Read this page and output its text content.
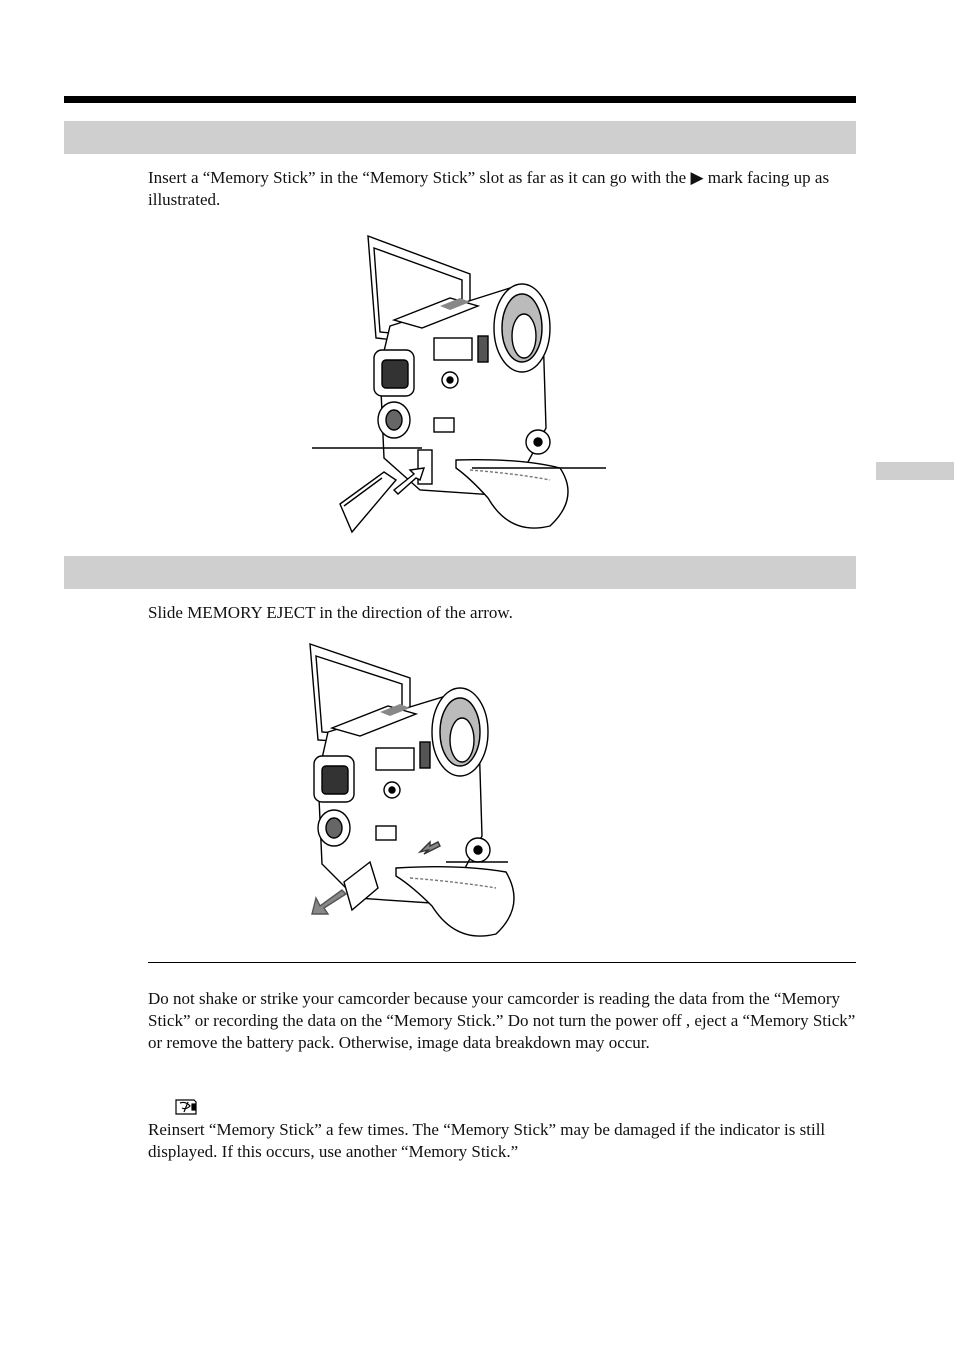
Insert a “Memory Stick” in the “Memory Stick” slot as far as it can go with the ▶ mark facing up as illustrated.

Slide MEMORY EJECT in the direction of the arrow.

Do not shake or strike your camcorder because your camcorder is reading the data from the “Memory Stick” or recording the data on the “Memory Stick.” Do not turn the power off , eject a “Memory Stick” or remove the battery pack. Otherwise, image data breakdown may occur.

Reinsert “Memory Stick” a few times. The “Memory Stick” may be damaged if the indicator is still displayed. If this occurs, use another “Memory Stick.”
